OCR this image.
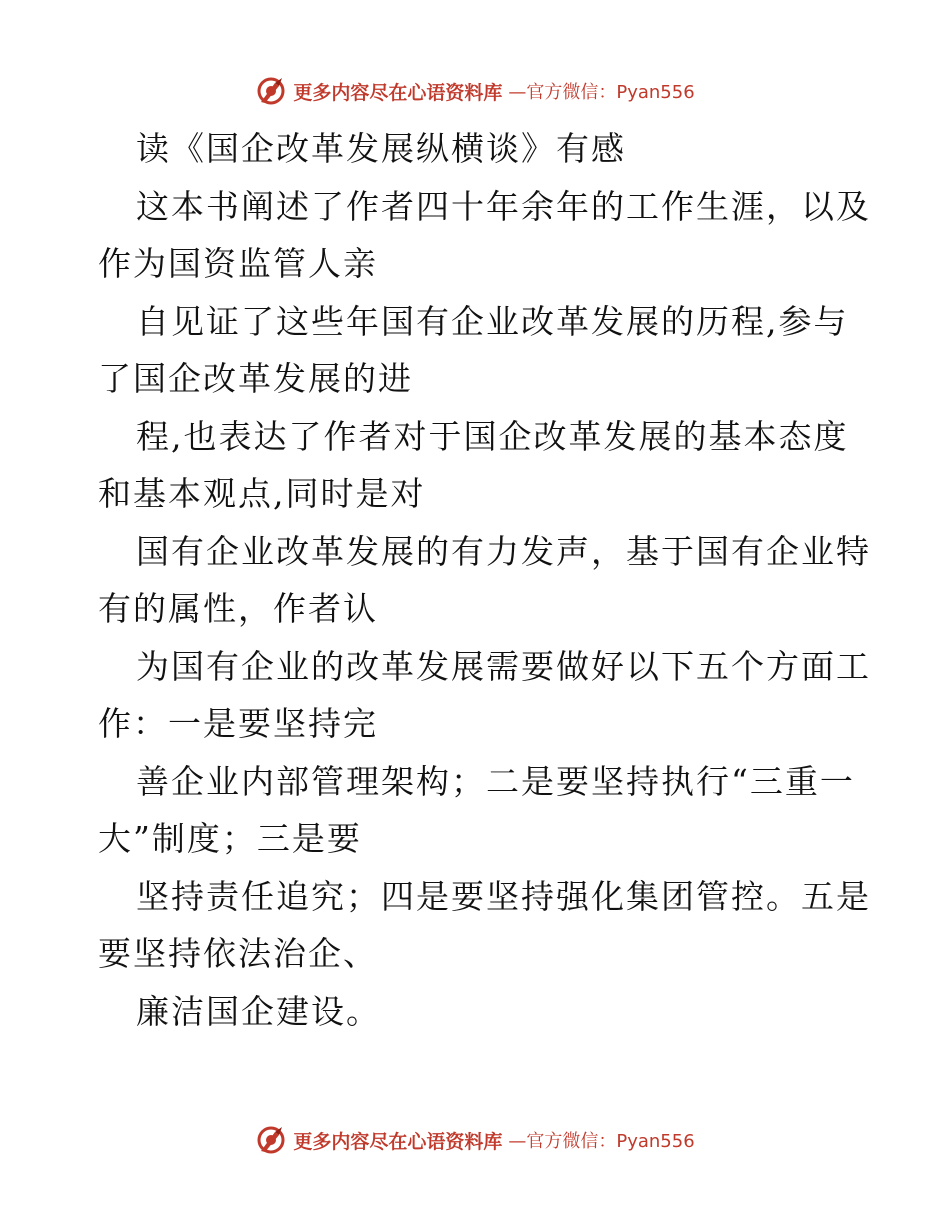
更多内容尽在心语资料库 —官方微信：Pyan556
读《国企改革发展纵横谈》有感
这本书阐述了作者四十年余年的工作生涯，以及
作为国资监管人亲
自见证了这些年国有企业改革发展的历程,参与
了国企改革发展的进
程,也表达了作者对于国企改革发展的基本态度
和基本观点,同时是对
国有企业改革发展的有力发声，基于国有企业特
有的属性，作者认
为国有企业的改革发展需要做好以下五个方面工
作：一是要坚持完
善企业内部管理架构；二是要坚持执行“三重一
大”制度；三是要
坚持责任追究；四是要坚持强化集团管控。五是
要坚持依法治企、
廉洁国企建设。
更多内容尽在心语资料库 —官方微信：Pyan556
